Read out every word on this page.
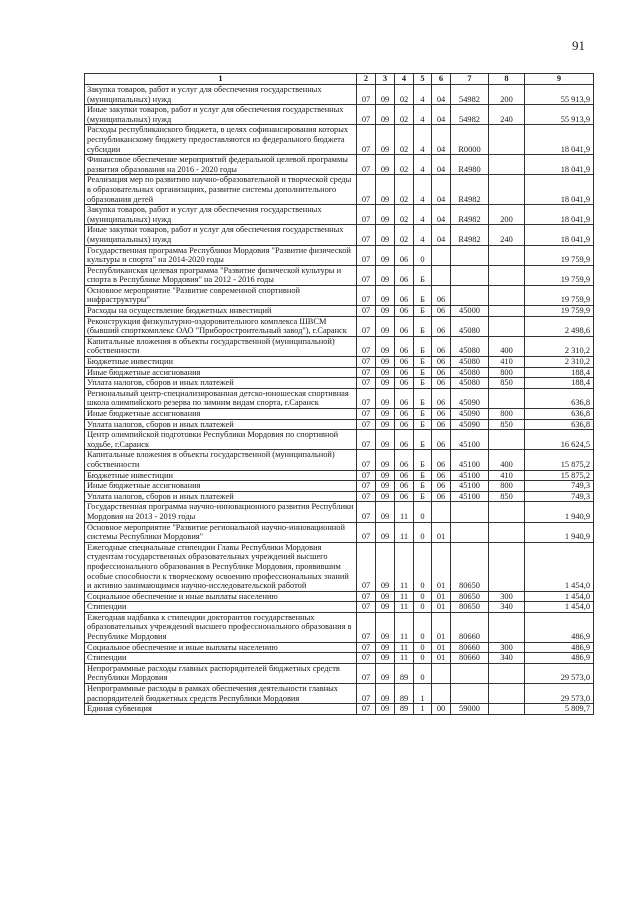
91
1	2	3	4	5	6	7	8	9
Закупка товаров, работ и услуг для обеспечения государственных (муниципальных) нужд	07	09	02	4	04	54982	200	55 913,9
Иные закупки товаров, работ и услуг для обеспечения государственных (муниципальных) нужд	07	09	02	4	04	54982	240	55 913,9
Расходы республиканского бюджета, в целях софинансирования которых республиканскому бюджету предоставляются из федерального бюджета субсидии	07	09	02	4	04	R0000		18 041,9
Финансовое обеспечение мероприятий федеральной целевой программы развития образования на 2016 - 2020 годы	07	09	02	4	04	R4980		18 041,9
Реализация мер по развитию научно-образовательной и творческой среды в образовательных организациях, развитие системы дополнительного образования детей	07	09	02	4	04	R4982		18 041,9
Закупка товаров, работ и услуг для обеспечения государственных (муниципальных) нужд	07	09	02	4	04	R4982	200	18 041,9
Иные закупки товаров, работ и услуг для обеспечения государственных (муниципальных) нужд	07	09	02	4	04	R4982	240	18 041,9
Государственная программа Республики Мордовия "Развитие физической культуры и спорта" на 2014-2020 годы	07	09	06	0				19 759,9
Республиканская целевая программа "Развитие физической культуры и спорта в Республике Мордовия" на 2012 - 2016 годы	07	09	06	Б				19 759,9
Основное мероприятие "Развитие современной спортивной инфраструктуры"	07	09	06	Б	06			19 759,9
Расходы на осуществление бюджетных инвестиций	07	09	06	Б	06	45000		19 759,9
Реконструкция физкультурно-оздоровительного комплекса ШВСМ (бывший спорткомплекс ОАО "Приборостроительный завод"), г.Саранск	07	09	06	Б	06	45080		2 498,6
Капитальные вложения в объекты государственной (муниципальной) собственности	07	09	06	Б	06	45080	400	2 310,2
Бюджетные инвестиции	07	09	06	Б	06	45080	410	2 310,2
Иные бюджетные ассигнования	07	09	06	Б	06	45080	800	188,4
Уплата налогов, сборов и иных платежей	07	09	06	Б	06	45080	850	188,4
Региональный центр-специализированная детско-юношеская спортивная школа олимпийского резерва по зимним видам спорта, г.Саранск	07	09	06	Б	06	45090		636,8
Иные бюджетные ассигнования	07	09	06	Б	06	45090	800	636,8
Уплата налогов, сборов и иных платежей	07	09	06	Б	06	45090	850	636,8
Центр олимпийской подготовки Республики Мордовия по спортивной ходьбе, г.Саранск	07	09	06	Б	06	45100		16 624,5
Капитальные вложения в объекты государственной (муниципальной) собственности	07	09	06	Б	06	45100	400	15 875,2
Бюджетные инвестиции	07	09	06	Б	06	45100	410	15 875,2
Иные бюджетные ассигнования	07	09	06	Б	06	45100	800	749,3
Уплата налогов, сборов и иных платежей	07	09	06	Б	06	45100	850	749,3
Государственная программа научно-инновационного развития Республики Мордовия на 2013 - 2019 годы	07	09	11	0				1 940,9
Основное мероприятие "Развитие региональной научно-инновационной системы Республики Мордовия"	07	09	11	0	01			1 940,9
Ежегодные специальные стипендии Главы Республики Мордовия студентам государственных образовательных учреждений высшего профессионального образования в Республике Мордовия, проявившим особые способности к творческому освоению профессиональных знаний и активно занимающимся научно-исследовательской работой	07	09	11	0	01	80650		1 454,0
Социальное обеспечение и иные выплаты населению	07	09	11	0	01	80650	300	1 454,0
Стипендии	07	09	11	0	01	80650	340	1 454,0
Ежегодная надбавка к стипендии докторантов государственных образовательных учреждений высшего профессионального образования в Республике Мордовия	07	09	11	0	01	80660		486,9
Социальное обеспечение и иные выплаты населению	07	09	11	0	01	80660	300	486,9
Стипендии	07	09	11	0	01	80660	340	486,9
Непрограммные расходы главных распорядителей бюджетных средств Республики Мордовия	07	09	89	0				29 573,0
Непрограммные расходы в рамках обеспечения деятельности главных распорядителей бюджетных средств Республики Мордовия	07	09	89	1				29 573,0
Единая субвенция	07	09	89	1	00	59000		5 809,7
